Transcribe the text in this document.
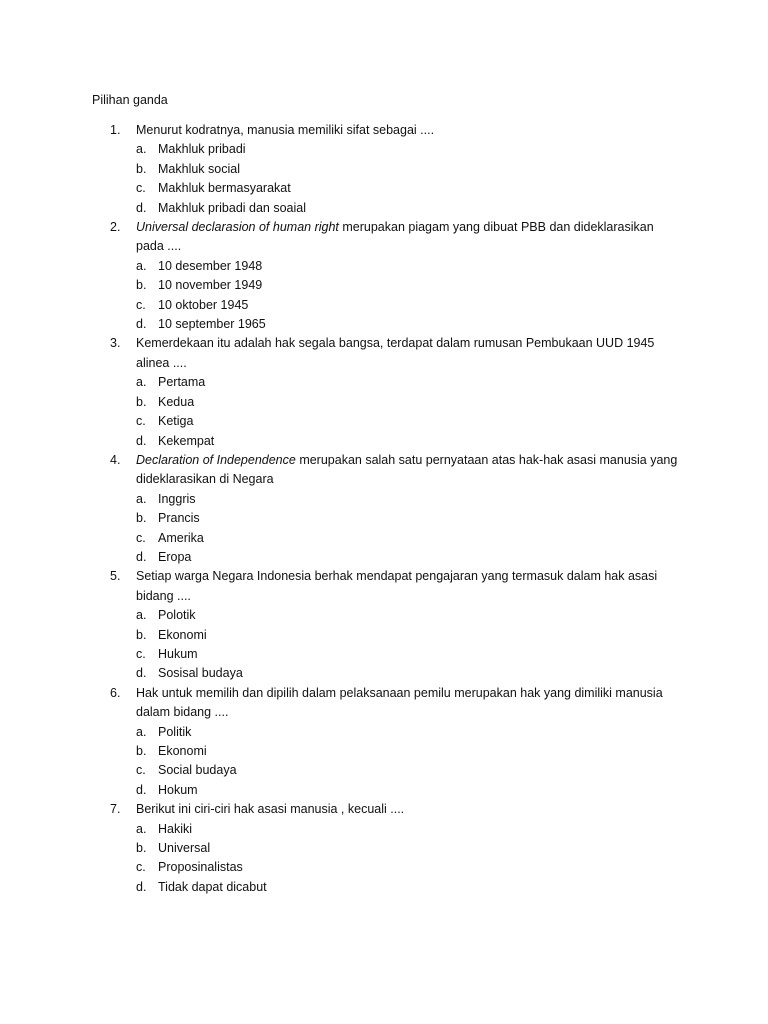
Pilihan ganda
1.	Menurut kodratnya, manusia memiliki sifat sebagai ....
a. Makhluk pribadi
b. Makhluk social
c. Makhluk bermasyarakat
d. Makhluk pribadi dan soaial
2.	Universal declarasion of human right merupakan piagam yang dibuat PBB dan dideklarasikan pada ....
a. 10 desember 1948
b. 10 november 1949
c. 10 oktober 1945
d. 10 september 1965
3.	Kemerdekaan itu adalah hak segala bangsa, terdapat dalam rumusan Pembukaan UUD 1945 alinea ....
a. Pertama
b. Kedua
c. Ketiga
d. Kekempat
4.	Declaration of Independence merupakan salah satu pernyataan atas hak-hak asasi manusia yang dideklarasikan di Negara
a. Inggris
b. Prancis
c. Amerika
d. Eropa
5.	Setiap warga Negara Indonesia berhak mendapat pengajaran yang termasuk dalam hak asasi bidang ....
a. Polotik
b. Ekonomi
c. Hukum
d. Sosisal budaya
6.	Hak untuk memilih dan dipilih dalam pelaksanaan pemilu merupakan hak yang dimiliki manusia dalam bidang ....
a. Politik
b. Ekonomi
c. Social budaya
d. Hokum
7.	Berikut ini ciri-ciri hak asasi manusia , kecuali ....
a. Hakiki
b. Universal
c. Proposinalistas
d. Tidak dapat dicabut
